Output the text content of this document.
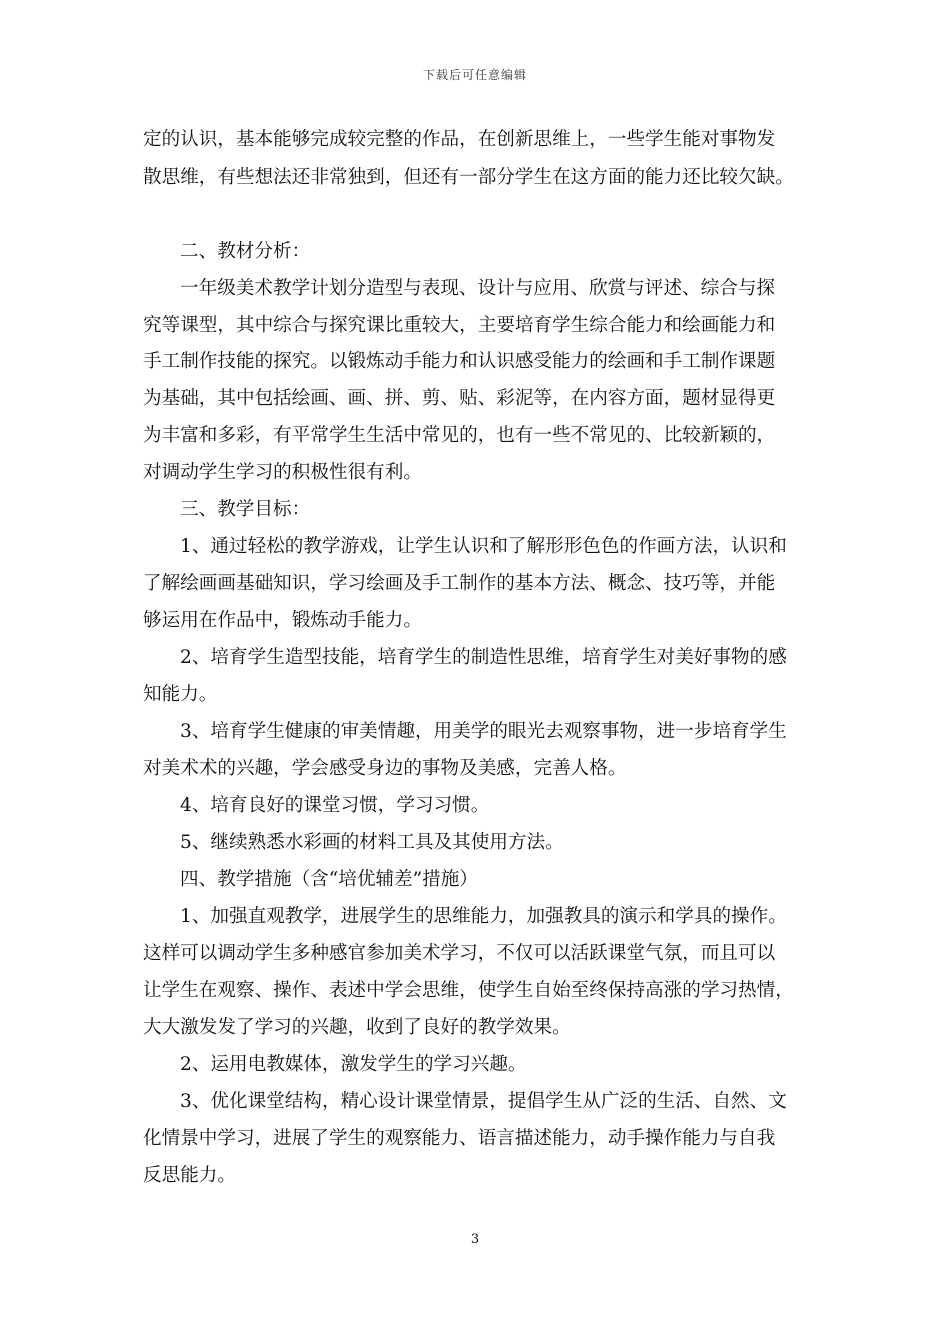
下载后可任意编辑
定的认识，基本能够完成较完整的作品，在创新思维上，一些学生能对事物发
散思维，有些想法还非常独到，但还有一部分学生在这方面的能力还比较欠缺。
二、教材分析：
一年级美术教学计划分造型与表现、设计与应用、欣赏与评述、综合与探
究等课型，其中综合与探究课比重较大，主要培育学生综合能力和绘画能力和
手工制作技能的探究。以锻炼动手能力和认识感受能力的绘画和手工制作课题
为基础，其中包括绘画、画、拼、剪、贴、彩泥等，在内容方面，题材显得更
为丰富和多彩，有平常学生生活中常见的，也有一些不常见的、比较新颖的，
对调动学生学习的积极性很有利。
三、教学目标：
1、通过轻松的教学游戏，让学生认识和了解形形色色的作画方法，认识和
了解绘画画基础知识，学习绘画及手工制作的基本方法、概念、技巧等，并能
够运用在作品中，锻炼动手能力。
2、培育学生造型技能，培育学生的制造性思维，培育学生对美好事物的感
知能力。
3、培育学生健康的审美情趣，用美学的眼光去观察事物，进一步培育学生
对美术术的兴趣，学会感受身边的事物及美感，完善人格。
4、培育良好的课堂习惯，学习习惯。
5、继续熟悉水彩画的材料工具及其使用方法。
四、教学措施（含“培优辅差”措施）
1、加强直观教学，进展学生的思维能力，加强教具的演示和学具的操作。
这样可以调动学生多种感官参加美术学习，不仅可以活跃课堂气氛，而且可以
让学生在观察、操作、表述中学会思维，使学生自始至终保持高涨的学习热情，
大大激发发了学习的兴趣，收到了良好的教学效果。
2、运用电教媒体，激发学生的学习兴趣。
3、优化课堂结构，精心设计课堂情景，提倡学生从广泛的生活、自然、文
化情景中学习，进展了学生的观察能力、语言描述能力，动手操作能力与自我
反思能力。
3
